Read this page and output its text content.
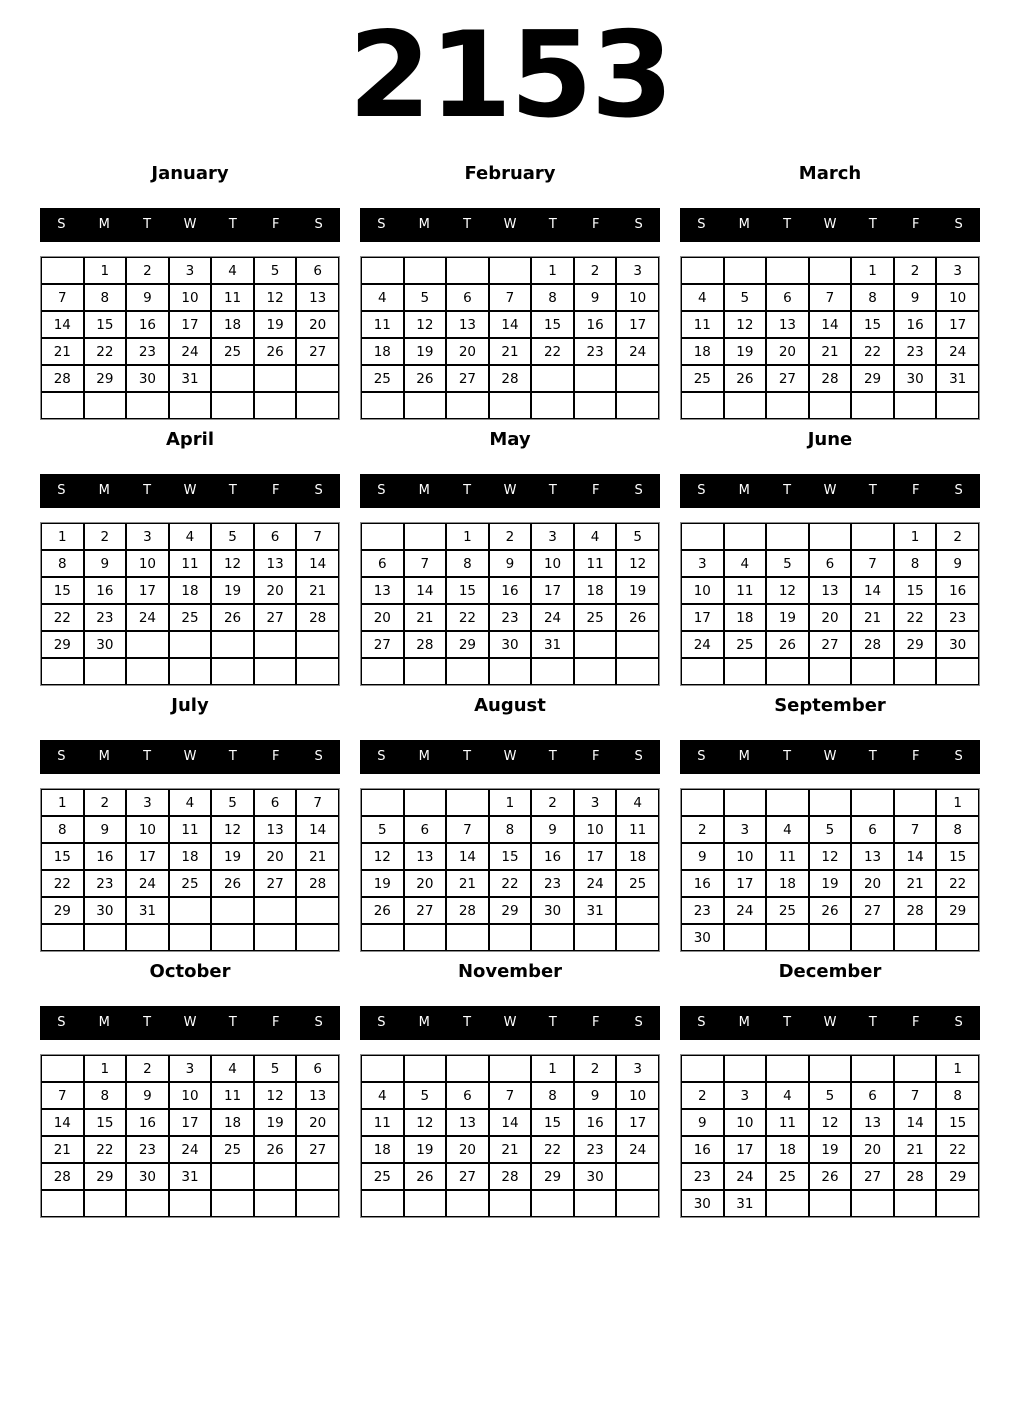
2153
January
S	M	T	W	T	F	S
	1	2	3	4	5	6
7	8	9	10	11	12	13
14	15	16	17	18	19	20
21	22	23	24	25	26	27
28	29	30	31			

February
S	M	T	W	T	F	S
				1	2	3
4	5	6	7	8	9	10
11	12	13	14	15	16	17
18	19	20	21	22	23	24
25	26	27	28			

March
S	M	T	W	T	F	S
				1	2	3
4	5	6	7	8	9	10
11	12	13	14	15	16	17
18	19	20	21	22	23	24
25	26	27	28	29	30	31

April
S	M	T	W	T	F	S
1	2	3	4	5	6	7
8	9	10	11	12	13	14
15	16	17	18	19	20	21
22	23	24	25	26	27	28
29	30					

May
S	M	T	W	T	F	S
		1	2	3	4	5
6	7	8	9	10	11	12
13	14	15	16	17	18	19
20	21	22	23	24	25	26
27	28	29	30	31		

June
S	M	T	W	T	F	S
					1	2
3	4	5	6	7	8	9
10	11	12	13	14	15	16
17	18	19	20	21	22	23
24	25	26	27	28	29	30

July
S	M	T	W	T	F	S
1	2	3	4	5	6	7
8	9	10	11	12	13	14
15	16	17	18	19	20	21
22	23	24	25	26	27	28
29	30	31				

August
S	M	T	W	T	F	S
			1	2	3	4
5	6	7	8	9	10	11
12	13	14	15	16	17	18
19	20	21	22	23	24	25
26	27	28	29	30	31	

September
S	M	T	W	T	F	S
						1
2	3	4	5	6	7	8
9	10	11	12	13	14	15
16	17	18	19	20	21	22
23	24	25	26	27	28	29
30						
October
S	M	T	W	T	F	S
	1	2	3	4	5	6
7	8	9	10	11	12	13
14	15	16	17	18	19	20
21	22	23	24	25	26	27
28	29	30	31			

November
S	M	T	W	T	F	S
				1	2	3
4	5	6	7	8	9	10
11	12	13	14	15	16	17
18	19	20	21	22	23	24
25	26	27	28	29	30	

December
S	M	T	W	T	F	S
						1
2	3	4	5	6	7	8
9	10	11	12	13	14	15
16	17	18	19	20	21	22
23	24	25	26	27	28	29
30	31					
